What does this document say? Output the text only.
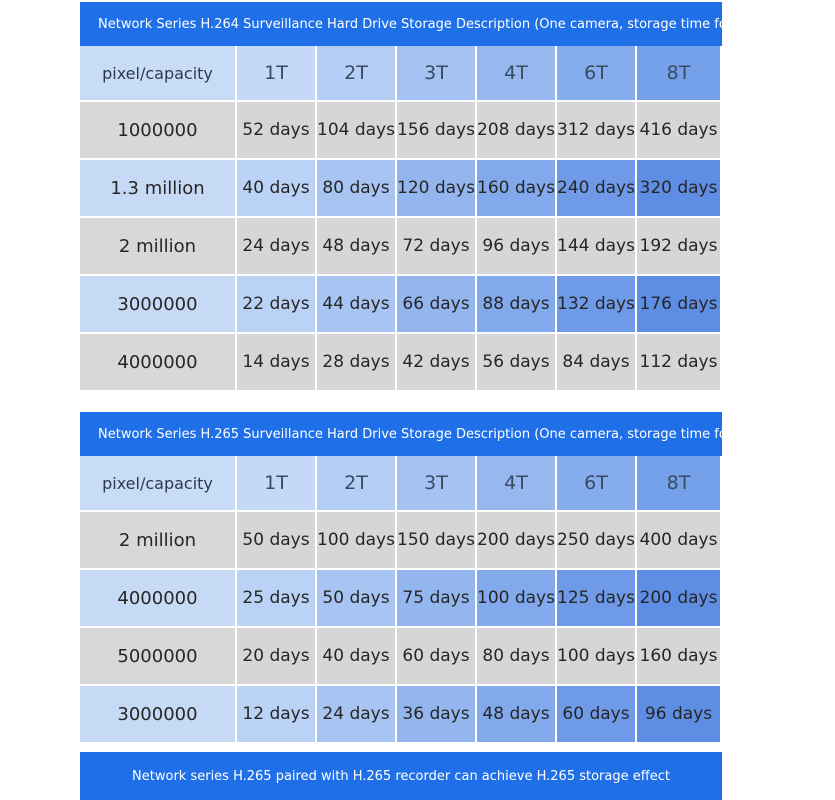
Network Series H.264 Surveillance Hard Drive Storage Description (One camera, storage time for reference only)
pixel/capacity	1T	2T	3T	4T	6T	8T
1000000	52 days 104 days 156 days 208 days 312 days 416 days
1.3 million	40 days 80 days 120 days 160 days 240 days 320 days
2 million	24 days 48 days 72 days 96 days 144 days 192 days
3000000	22 days 44 days 66 days 88 days 132 days 176 days
4000000	14 days 28 days 42 days 56 days 84 days 112 days
Network Series H.265 Surveillance Hard Drive Storage Description (One camera, storage time for reference only)
pixel/capacity	1T	2T	3T	4T	6T	8T
2 million	50 days 100 days 150 days 200 days 250 days 400 days
4000000	25 days 50 days 75 days 100 days 125 days 200 days
5000000	20 days 40 days 60 days 80 days 100 days 160 days
3000000	12 days 24 days 36 days 48 days 60 days 96 days
Network series H.265 paired with H.265 recorder can achieve H.265 storage effect
